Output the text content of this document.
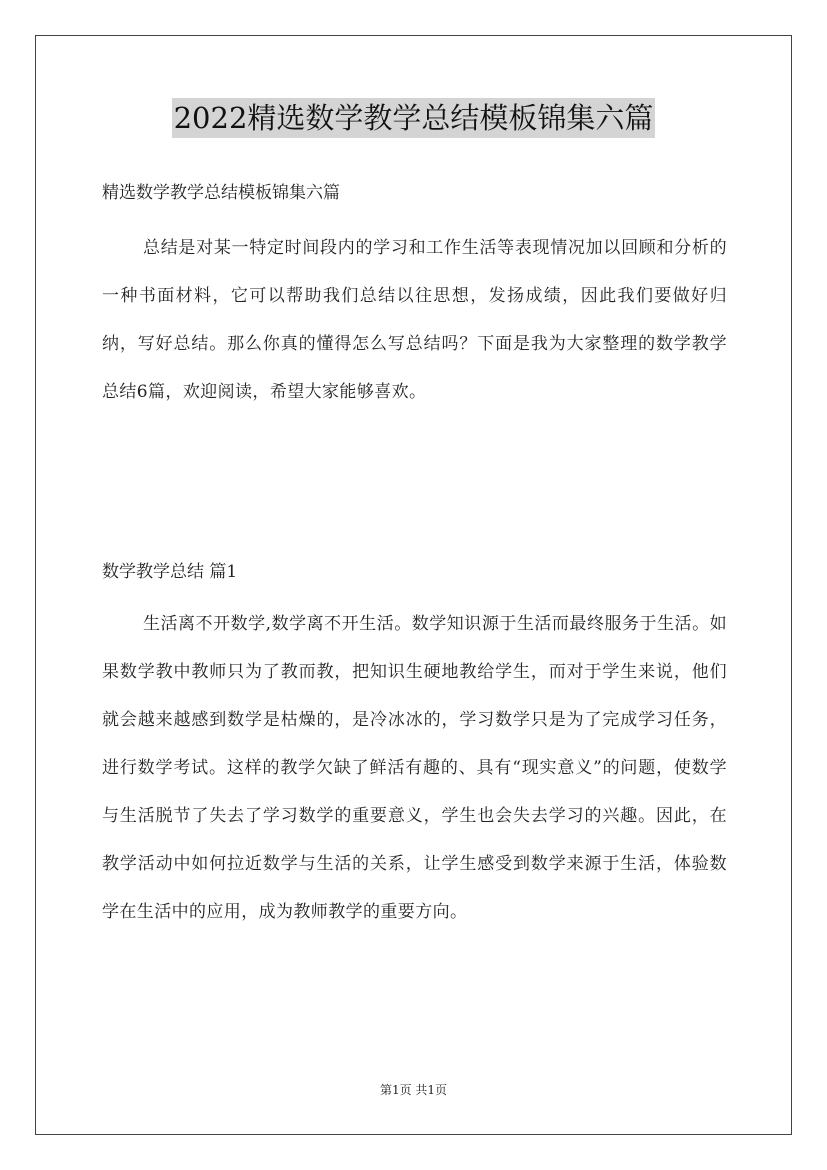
2022精选数学教学总结模板锦集六篇
精选数学教学总结模板锦集六篇

总结是对某一特定时间段内的学习和工作生活等表现情况加以回顾和分析的一种书面材料，它可以帮助我们总结以往思想，发扬成绩，因此我们要做好归纳，写好总结。那么你真的懂得怎么写总结吗？下面是我为大家整理的数学教学总结6篇，欢迎阅读，希望大家能够喜欢。

数学教学总结 篇1

生活离不开数学,数学离不开生活。数学知识源于生活而最终服务于生活。如果数学教中教师只为了教而教，把知识生硬地教给学生，而对于学生来说，他们就会越来越感到数学是枯燥的，是冷冰冰的，学习数学只是为了完成学习任务，进行数学考试。这样的教学欠缺了鲜活有趣的、具有“现实意义”的问题，使数学与生活脱节了失去了学习数学的重要意义，学生也会失去学习的兴趣。因此，在教学活动中如何拉近数学与生活的关系，让学生感受到数学来源于生活，体验数学在生活中的应用，成为教师教学的重要方向。

第1页 共1页
